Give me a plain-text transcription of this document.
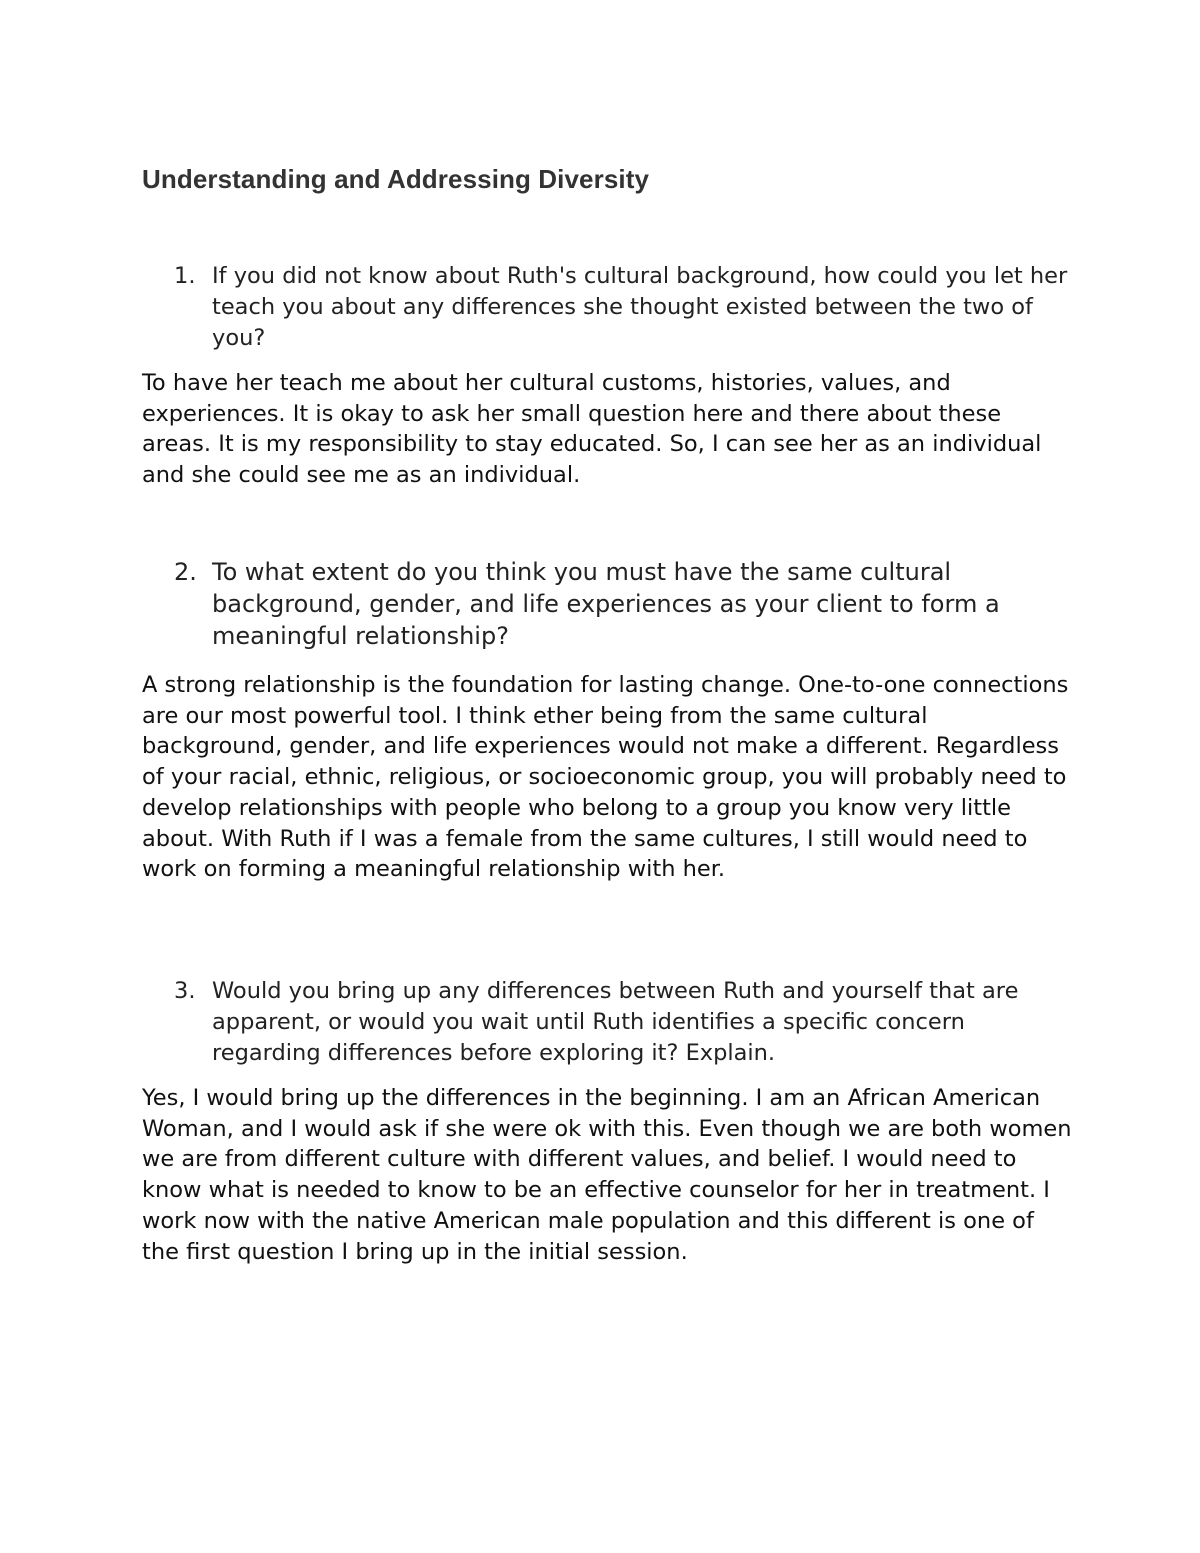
Understanding and Addressing Diversity
1. If you did not know about Ruth's cultural background, how could you let her teach you about any differences she thought existed between the two of you?

To have her teach me about her cultural customs, histories, values, and experiences. It is okay to ask her small question here and there about these areas. It is my responsibility to stay educated. So, I can see her as an individual and she could see me as an individual.

2. To what extent do you think you must have the same cultural background, gender, and life experiences as your client to form a meaningful relationship?

A strong relationship is the foundation for lasting change. One-to-one connections are our most powerful tool. I think ether being from the same cultural background, gender, and life experiences would not make a different. Regardless of your racial, ethnic, religious, or socioeconomic group, you will probably need to develop relationships with people who belong to a group you know very little about. With Ruth if I was a female from the same cultures, I still would need to work on forming a meaningful relationship with her.

3. Would you bring up any differences between Ruth and yourself that are apparent, or would you wait until Ruth identifies a specific concern regarding differences before exploring it? Explain.

Yes, I would bring up the differences in the beginning. I am an African American Woman, and I would ask if she were ok with this. Even though we are both women we are from different culture with different values, and belief. I would need to know what is needed to know to be an effective counselor for her in treatment. I work now with the native American male population and this different is one of the first question I bring up in the initial session.
